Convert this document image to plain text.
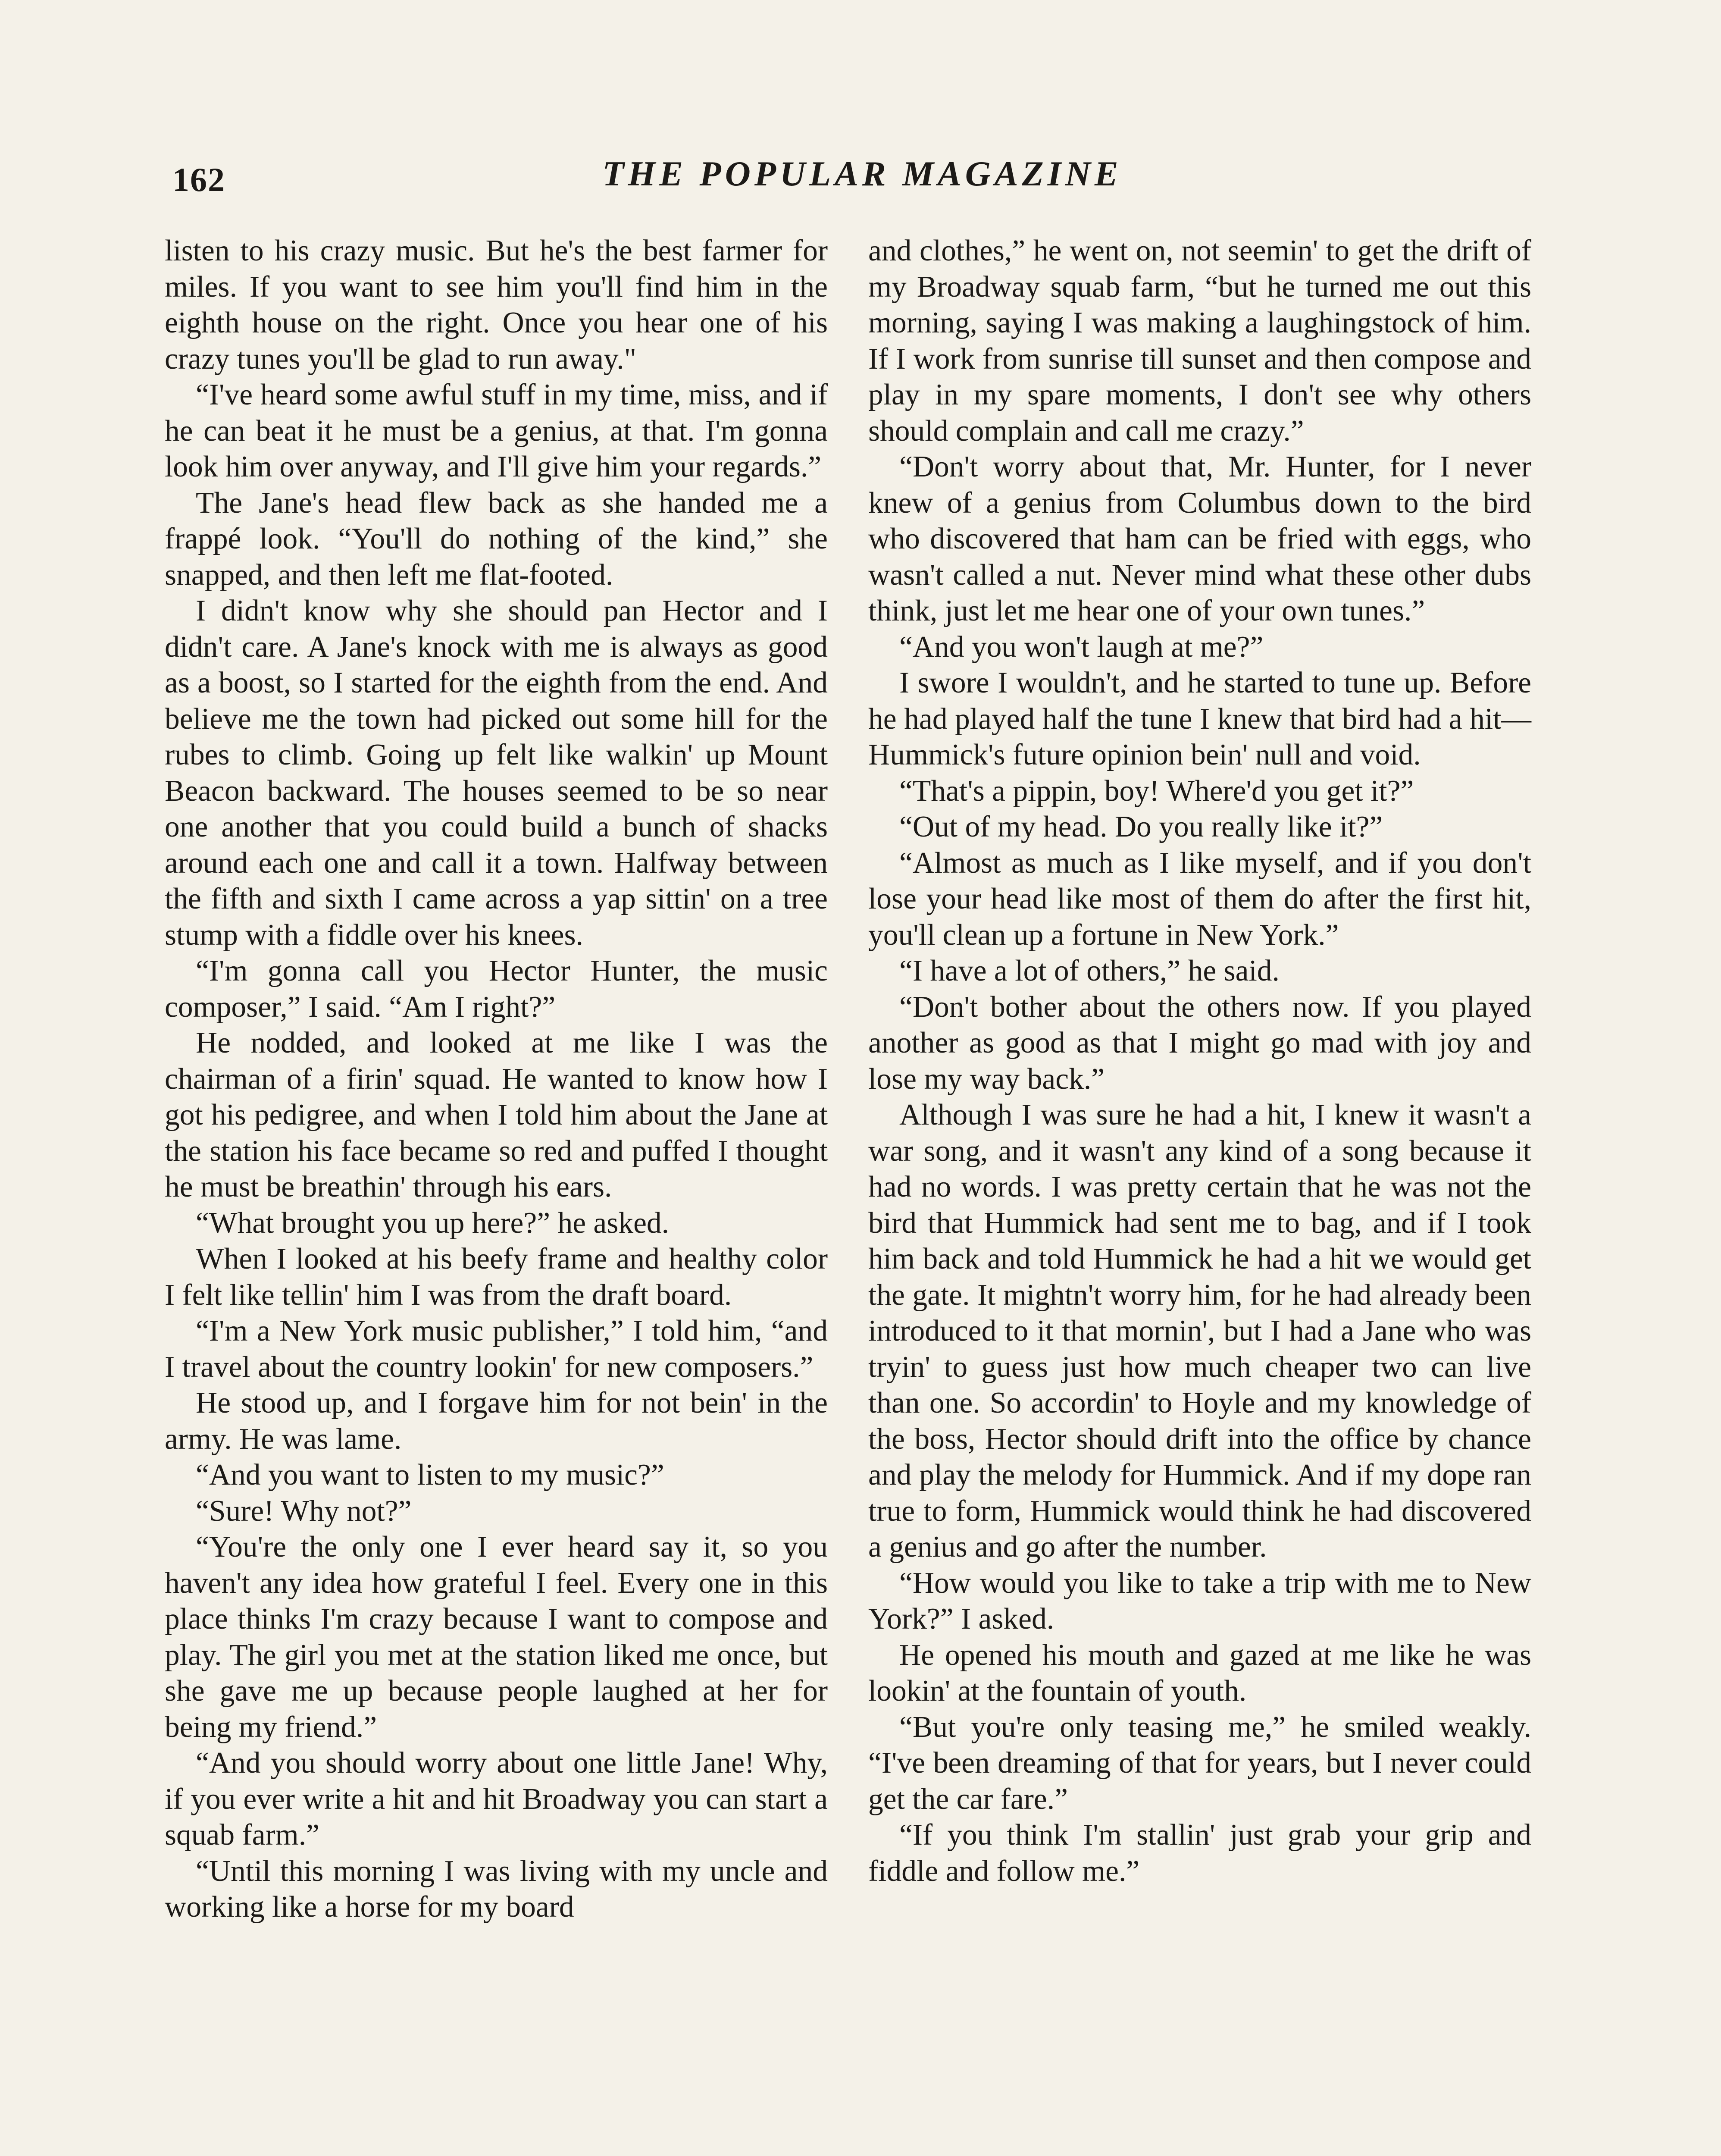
162	THE POPULAR MAGAZINE

listen to his crazy music. But he's the best farmer for miles. If you want to see him you'll find him in the eighth house on the right. Once you hear one of his crazy tunes you'll be glad to run away."

“I've heard some awful stuff in my time, miss, and if he can beat it he must be a genius, at that. I'm gonna look him over anyway, and I'll give him your regards.”

The Jane's head flew back as she handed me a frappé look. “You'll do nothing of the kind,” she snapped, and then left me flat-footed.

I didn't know why she should pan Hector and I didn't care. A Jane's knock with me is always as good as a boost, so I started for the eighth from the end. And believe me the town had picked out some hill for the rubes to climb. Going up felt like walkin' up Mount Beacon backward. The houses seemed to be so near one another that you could build a bunch of shacks around each one and call it a town. Halfway between the fifth and sixth I came across a yap sittin' on a tree stump with a fiddle over his knees.

“I'm gonna call you Hector Hunter, the music composer,” I said. “Am I right?”

He nodded, and looked at me like I was the chairman of a firin' squad. He wanted to know how I got his pedigree, and when I told him about the Jane at the station his face became so red and puffed I thought he must be breathin' through his ears.

“What brought you up here?” he asked.

When I looked at his beefy frame and healthy color I felt like tellin' him I was from the draft board.

“I'm a New York music publisher,” I told him, “and I travel about the country lookin' for new composers.”

He stood up, and I forgave him for not bein' in the army. He was lame.

“And you want to listen to my music?”

“Sure! Why not?”

“You're the only one I ever heard say it, so you haven't any idea how grateful I feel. Every one in this place thinks I'm crazy because I want to compose and play. The girl you met at the station liked me once, but she gave me up because people laughed at her for being my friend.”

“And you should worry about one little Jane! Why, if you ever write a hit and hit Broadway you can start a squab farm.”

“Until this morning I was living with my uncle and working like a horse for my board

and clothes,” he went on, not seemin' to get the drift of my Broadway squab farm, “but he turned me out this morning, saying I was making a laughingstock of him. If I work from sunrise till sunset and then compose and play in my spare moments, I don't see why others should complain and call me crazy.”

“Don't worry about that, Mr. Hunter, for I never knew of a genius from Columbus down to the bird who discovered that ham can be fried with eggs, who wasn't called a nut. Never mind what these other dubs think, just let me hear one of your own tunes.”

“And you won't laugh at me?”

I swore I wouldn't, and he started to tune up. Before he had played half the tune I knew that bird had a hit—Hummick's future opinion bein' null and void.

“That's a pippin, boy! Where'd you get it?”

“Out of my head. Do you really like it?”

“Almost as much as I like myself, and if you don't lose your head like most of them do after the first hit, you'll clean up a fortune in New York.”

“I have a lot of others,” he said.

“Don't bother about the others now. If you played another as good as that I might go mad with joy and lose my way back.”

Although I was sure he had a hit, I knew it wasn't a war song, and it wasn't any kind of a song because it had no words. I was pretty certain that he was not the bird that Hummick had sent me to bag, and if I took him back and told Hummick he had a hit we would get the gate. It mightn't worry him, for he had already been introduced to it that mornin', but I had a Jane who was tryin' to guess just how much cheaper two can live than one. So accordin' to Hoyle and my knowledge of the boss, Hector should drift into the office by chance and play the melody for Hummick. And if my dope ran true to form, Hummick would think he had discovered a genius and go after the number.

“How would you like to take a trip with me to New York?” I asked.

He opened his mouth and gazed at me like he was lookin' at the fountain of youth.

“But you're only teasing me,” he smiled weakly. “I've been dreaming of that for years, but I never could get the car fare.”

“If you think I'm stallin' just grab your grip and fiddle and follow me.”
